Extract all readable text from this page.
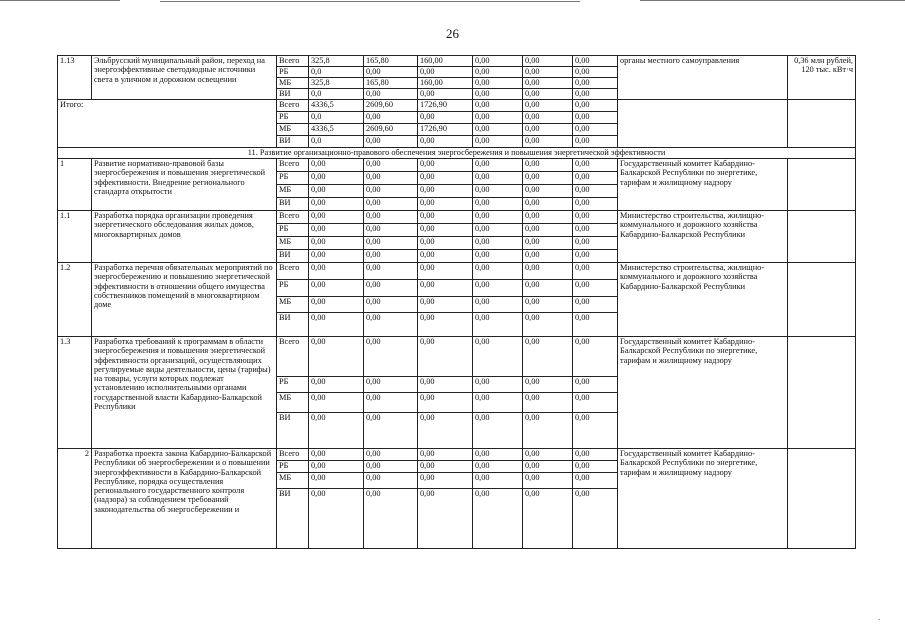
26
1.13	Эльбрусский муниципальный район, переход на энергоэффективные светодиодные источники света в уличном и дорожном освещении	Всего	325,8	165,80	160,00	0,00	0,00	0,00	органы местного самоуправления	0,36 млн рублей, 120 тыс. кВт·ч
		РБ	0,0	0,00	0,00	0,00	0,00	0,00		
		МБ	325,8	165,80	160,00	0,00	0,00	0,00		
		ВИ	0,0	0,00	0,00	0,00	0,00	0,00		
Итого:		Всего	4336,5	2609,60	1726,90	0,00	0,00	0,00		
		РБ	0,0	0,00	0,00	0,00	0,00	0,00		
		МБ	4336,5	2609,60	1726,90	0,00	0,00	0,00		
		ВИ	0,0	0,00	0,00	0,00	0,00	0,00		
11. Развитие организационно-правового обеспечения энергосбережения и повышения энергетической эффективности										
1	Развитие нормативно-правовой базы энергосбережения и повышения энергетической эффективности. Внедрение регионального стандарта открытости	Всего	0,00	0,00	0,00	0,00	0,00	0,00	Государственный комитет Кабардино-Балкарской Республики по энергетике, тарифам и жилищному надзору	
		РБ	0,00	0,00	0,00	0,00	0,00	0,00		
		МБ	0,00	0,00	0,00	0,00	0,00	0,00		
		ВИ	0,00	0,00	0,00	0,00	0,00	0,00		
1.1	Разработка порядка организации проведения энергетического обследования жилых домов, многоквартирных домов	Всего	0,00	0,00	0,00	0,00	0,00	0,00	Министерство строительства, жилищно-коммунального и дорожного хозяйства Кабардино-Балкарской Республики	
		РБ	0,00	0,00	0,00	0,00	0,00	0,00		
		МБ	0,00	0,00	0,00	0,00	0,00	0,00		
		ВИ	0,00	0,00	0,00	0,00	0,00	0,00		
1.2	Разработка перечня обязательных мероприятий по энергосбережению и повышению энергетической эффективности в отношении общего имущества собственников помещений в многоквартирном доме	Всего	0,00	0,00	0,00	0,00	0,00	0,00	Министерство строительства, жилищно-коммунального и дорожного хозяйства Кабардино-Балкарской Республики	
		РБ	0,00	0,00	0,00	0,00	0,00	0,00		
		МБ	0,00	0,00	0,00	0,00	0,00	0,00		
		ВИ	0,00	0,00	0,00	0,00	0,00	0,00		
1.3	Разработка требований к программам в области энергосбережения и повышения энергетической эффективности организаций, осуществляющих регулируемые виды деятельности, цены (тарифы) на товары, услуги которых подлежат установлению исполнительными органами государственной власти Кабардино-Балкарской Республики	Всего	0,00	0,00	0,00	0,00	0,00	0,00	Государственный комитет Кабардино-Балкарской Республики по энергетике, тарифам и жилищному надзору	
		РБ	0,00	0,00	0,00	0,00	0,00	0,00		
		МБ	0,00	0,00	0,00	0,00	0,00	0,00		
		ВИ	0,00	0,00	0,00	0,00	0,00	0,00		
2	Разработка проекта закона Кабардино-Балкарской Республики об энергосбережении и о повышении энергоэффективности в Кабардино-Балкарской Республике, порядка осуществления регионального государственного контроля (надзора) за соблюдением требований законодательства об энергосбережении и	Всего	0,00	0,00	0,00	0,00	0,00	0,00	Государственный комитет Кабардино-Балкарской Республики по энергетике, тарифам и жилищному надзору	
		РБ	0,00	0,00	0,00	0,00	0,00	0,00		
		МБ	0,00	0,00	0,00	0,00	0,00	0,00		
		ВИ	0,00	0,00	0,00	0,00	0,00	0,00		
.
